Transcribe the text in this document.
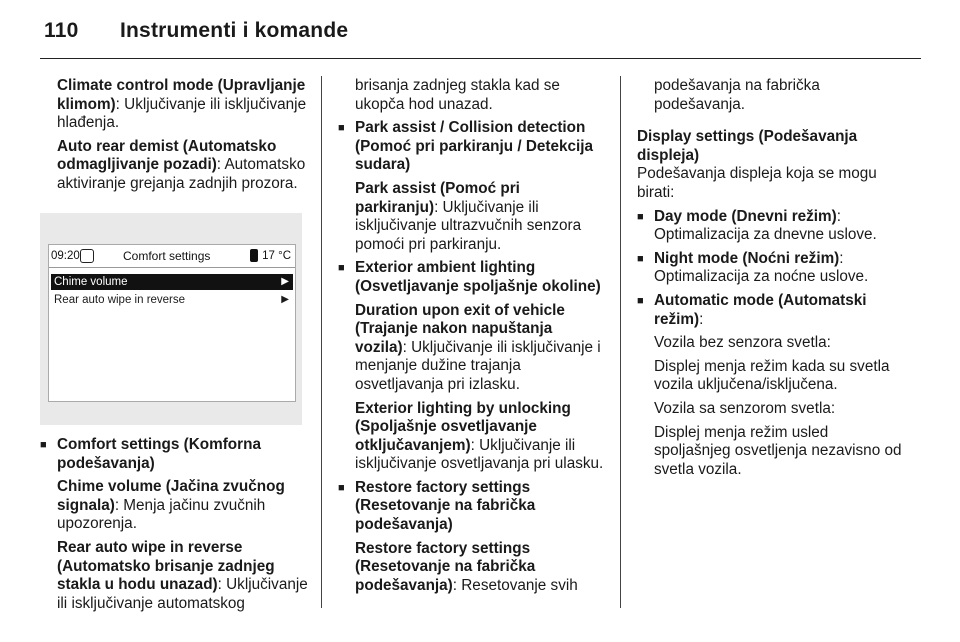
110 Instrumenti i komande

Climate control mode (Upravljanje klimom): Uključivanje ili isključivanje hlađenja.

Auto rear demist (Automatsko odmagljivanje pozadi): Automatsko aktiviranje grejanja zadnjih prozora.

09:20	Comfort settings	17 °C
Chime volume	▶
Rear auto wipe in reverse	▶

■ Comfort settings (Komforna podešavanja)

Chime volume (Jačina zvučnog signala): Menja jačinu zvučnih upozorenja.

Rear auto wipe in reverse (Automatsko brisanje zadnjeg stakla u hodu unazad): Uključivanje ili isključivanje automatskog

brisanja zadnjeg stakla kad se ukopča hod unazad.

■ Park assist / Collision detection (Pomoć pri parkiranju / Detekcija sudara)

Park assist (Pomoć pri parkiranju): Uključivanje ili isključivanje ultrazvučnih senzora pomoći pri parkiranju.

■ Exterior ambient lighting (Osvetljavanje spoljašnje okoline)

Duration upon exit of vehicle (Trajanje nakon napuštanja vozila): Uključivanje ili isključivanje i menjanje dužine trajanja osvetljavanja pri izlasku.

Exterior lighting by unlocking (Spoljašnje osvetljavanje otključavanjem): Uključivanje ili isključivanje osvetljavanja pri ulasku.

■ Restore factory settings (Resetovanje na fabrička podešavanja)

Restore factory settings (Resetovanje na fabrička podešavanja): Resetovanje svih

podešavanja na fabrička podešavanja.

Display settings (Podešavanja displeja)

Podešavanja displeja koja se mogu birati:

■ Day mode (Dnevni režim):
Optimalizacija za dnevne uslove.

■ Night mode (Noćni režim):
Optimalizacija za noćne uslove.

■ Automatic mode (Automatski režim):

Vozila bez senzora svetla:

Displej menja režim kada su svetla vozila uključena/isključena.

Vozila sa senzorom svetla:

Displej menja režim usled spoljašnjeg osvetljenja nezavisno od svetla vozila.
